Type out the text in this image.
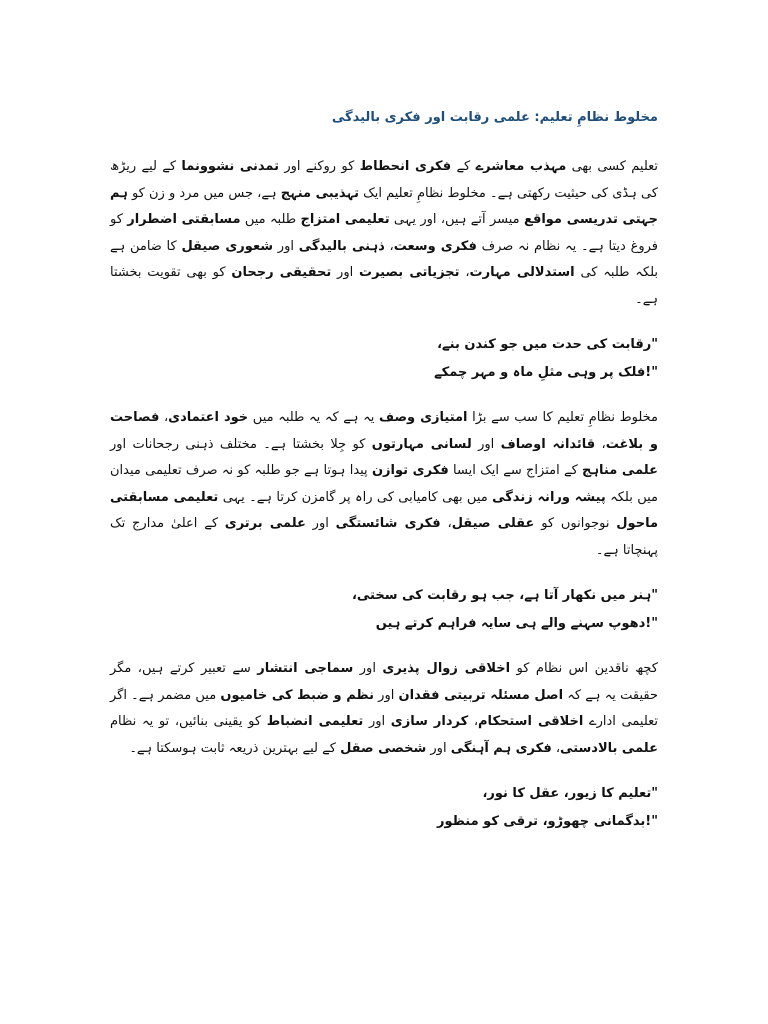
مخلوط نظامِ تعلیم: علمی رقابت اور فکری بالیدگی

تعلیم کسی بھی مہذب معاشرے کے فکری انحطاط کو روکنے اور تمدنی نشوونما کے لیے ریڑھ کی ہڈی کی حیثیت رکھتی ہے۔ مخلوط نظامِ تعلیم ایک تہذیبی منہج ہے، جس میں مرد و زن کو ہم جہتی تدریسی مواقع میسر آتے ہیں، اور یہی تعلیمی امتزاج طلبہ میں مسابقتی اضطرار کو فروغ دیتا ہے۔ یہ نظام نہ صرف فکری وسعت، ذہنی بالیدگی اور شعوری صیقل کا ضامن ہے بلکہ طلبہ کی استدلالی مہارت، تجزیاتی بصیرت اور تحقیقی رجحان کو بھی تقویت بخشتا ہے۔

"رقابت کی حدت میں جو کندن بنے،
"!فلک پر وہی مثلِ ماہ و مہر چمکے

مخلوط نظامِ تعلیم کا سب سے بڑا امتیازی وصف یہ ہے کہ یہ طلبہ میں خود اعتمادی، فصاحت و بلاغت، قائدانہ اوصاف اور لسانی مہارتوں کو جِلا بخشتا ہے۔ مختلف ذہنی رجحانات اور علمی مناہج کے امتزاج سے ایک ایسا فکری توازن پیدا ہوتا ہے جو طلبہ کو نہ صرف تعلیمی میدان میں بلکہ پیشہ ورانہ زندگی میں بھی کامیابی کی راہ پر گامزن کرتا ہے۔ یہی تعلیمی مسابقتی ماحول نوجوانوں کو عقلی صیقل، فکری شائستگی اور علمی برتری کے اعلیٰ مدارج تک پہنچاتا ہے۔

"ہنر میں نکھار آتا ہے، جب ہو رقابت کی سختی،
"!دھوپ سہنے والے ہی سایہ فراہم کرتے ہیں

کچھ ناقدین اس نظام کو اخلاقی زوال پذیری اور سماجی انتشار سے تعبیر کرتے ہیں، مگر حقیقت یہ ہے کہ اصل مسئلہ تربیتی فقدان اور نظم و ضبط کی خامیوں میں مضمر ہے۔ اگر تعلیمی ادارے اخلاقی استحکام، کردار سازی اور تعلیمی انضباط کو یقینی بنائیں، تو یہ نظام علمی بالادستی، فکری ہم آہنگی اور شخصی صقل کے لیے بہترین ذریعہ ثابت ہوسکتا ہے۔

"تعلیم کا زیور، عقل کا نور،
"!بدگمانی چھوڑو، ترقی کو منظور
